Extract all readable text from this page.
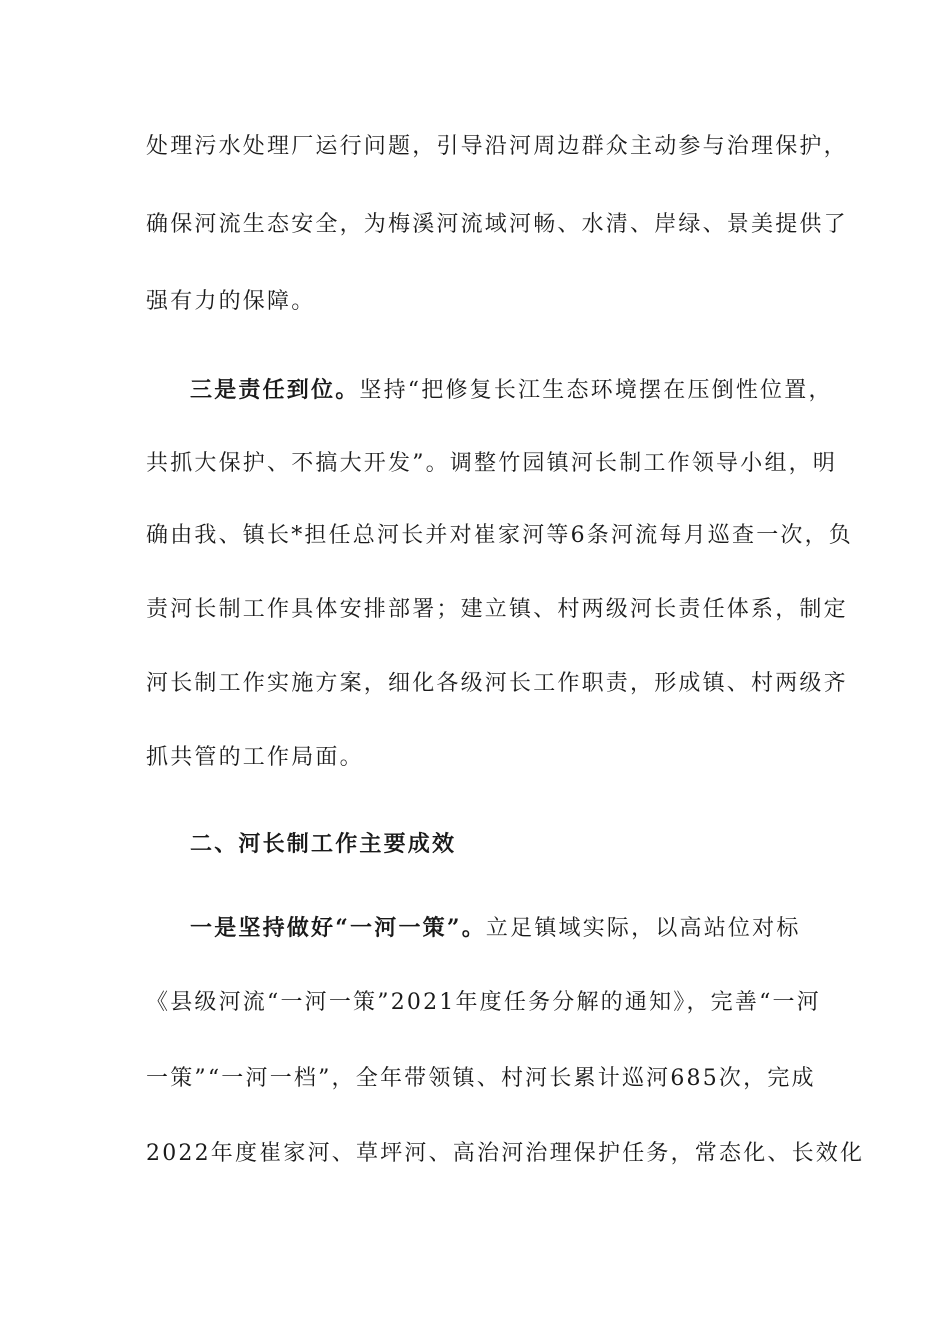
处理污水处理厂运行问题，引导沿河周边群众主动参与治理保护，
确保河流生态安全，为梅溪河流域河畅、水清、岸绿、景美提供了
强有力的保障。
三是责任到位。坚持“把修复长江生态环境摆在压倒性位置，
共抓大保护、不搞大开发”。调整竹园镇河长制工作领导小组，明
确由我、镇长*担任总河长并对崔家河等6条河流每月巡查一次，负
责河长制工作具体安排部署；建立镇、村两级河长责任体系，制定
河长制工作实施方案，细化各级河长工作职责，形成镇、村两级齐
抓共管的工作局面。
二、河长制工作主要成效
一是坚持做好“一河一策”。立足镇域实际，以高站位对标
《县级河流“一河一策”2021年度任务分解的通知》，完善“一河
一策”“一河一档”，全年带领镇、村河长累计巡河685次，完成
2022年度崔家河、草坪河、高治河治理保护任务，常态化、长效化
